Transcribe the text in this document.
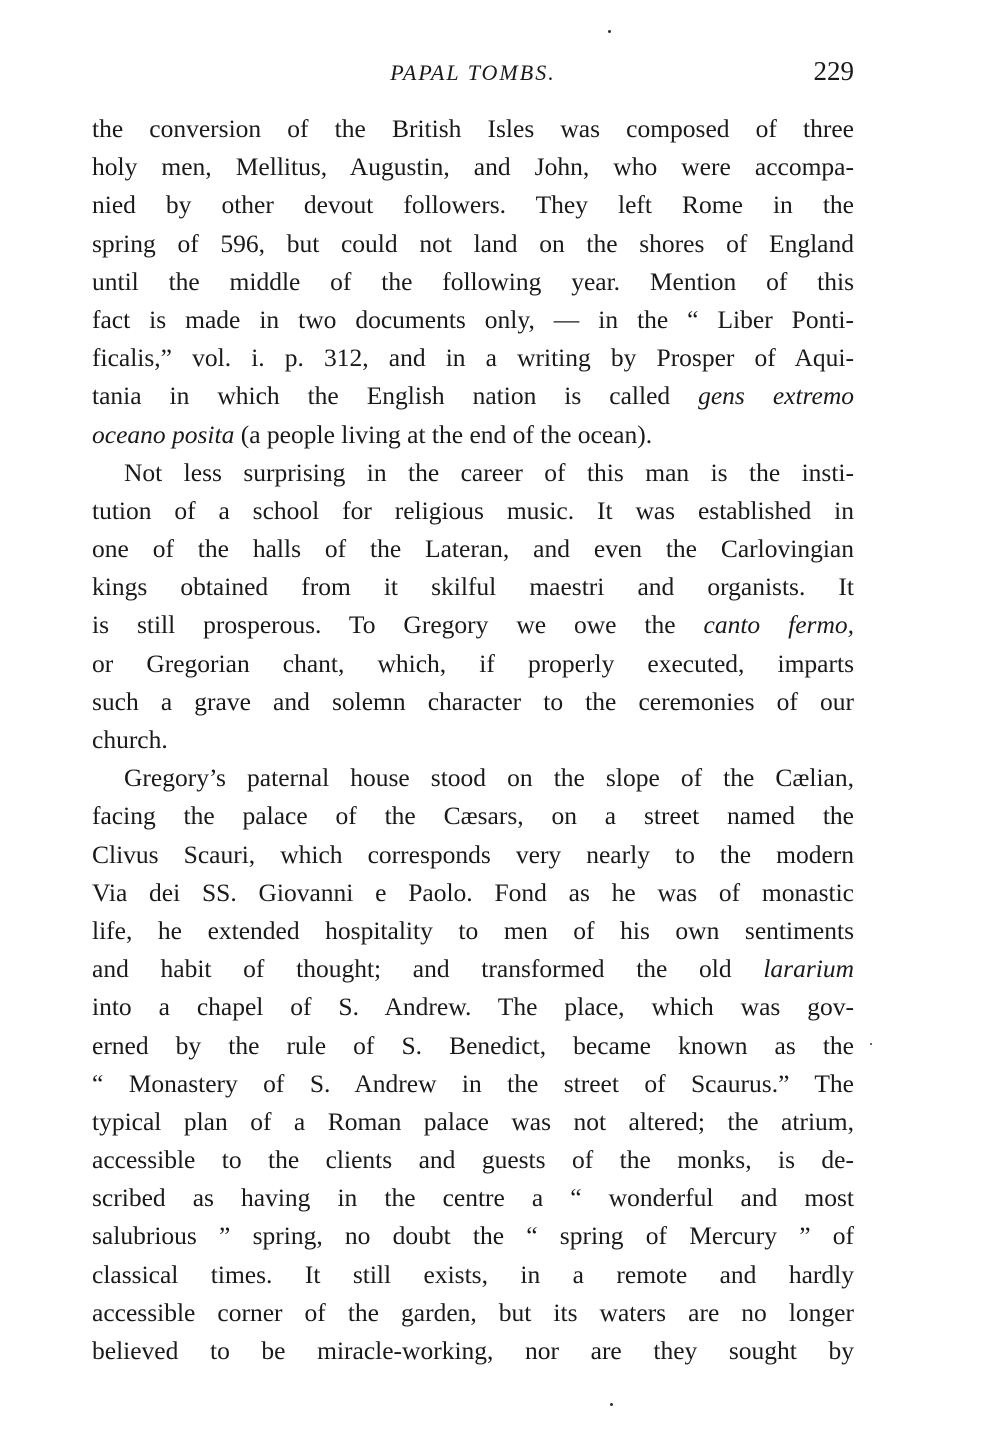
PAPAL TOMBS.	229
the conversion of the British Isles was composed of three
holy men, Mellitus, Augustin, and John, who were accompa-
nied by other devout followers. They left Rome in the
spring of 596, but could not land on the shores of England
until the middle of the following year. Mention of this
fact is made in two documents only, — in the “ Liber Ponti-
ficalis,” vol. i. p. 312, and in a writing by Prosper of Aqui-
tania in which the English nation is called gens extremo
oceano posita (a people living at the end of the ocean).
Not less surprising in the career of this man is the insti-
tution of a school for religious music. It was established in
one of the halls of the Lateran, and even the Carlovingian
kings obtained from it skilful maestri and organists. It
is still prosperous. To Gregory we owe the canto fermo,
or Gregorian chant, which, if properly executed, imparts
such a grave and solemn character to the ceremonies of our
church.
Gregory’s paternal house stood on the slope of the Cælian,
facing the palace of the Cæsars, on a street named the
Clivus Scauri, which corresponds very nearly to the modern
Via dei SS. Giovanni e Paolo. Fond as he was of monastic
life, he extended hospitality to men of his own sentiments
and habit of thought; and transformed the old lararium
into a chapel of S. Andrew. The place, which was gov-
erned by the rule of S. Benedict, became known as the
“ Monastery of S. Andrew in the street of Scaurus.” The
typical plan of a Roman palace was not altered; the atrium,
accessible to the clients and guests of the monks, is de-
scribed as having in the centre a “ wonderful and most
salubrious ” spring, no doubt the “ spring of Mercury ” of
classical times. It still exists, in a remote and hardly
accessible corner of the garden, but its waters are no longer
believed to be miracle-working, nor are they sought by
